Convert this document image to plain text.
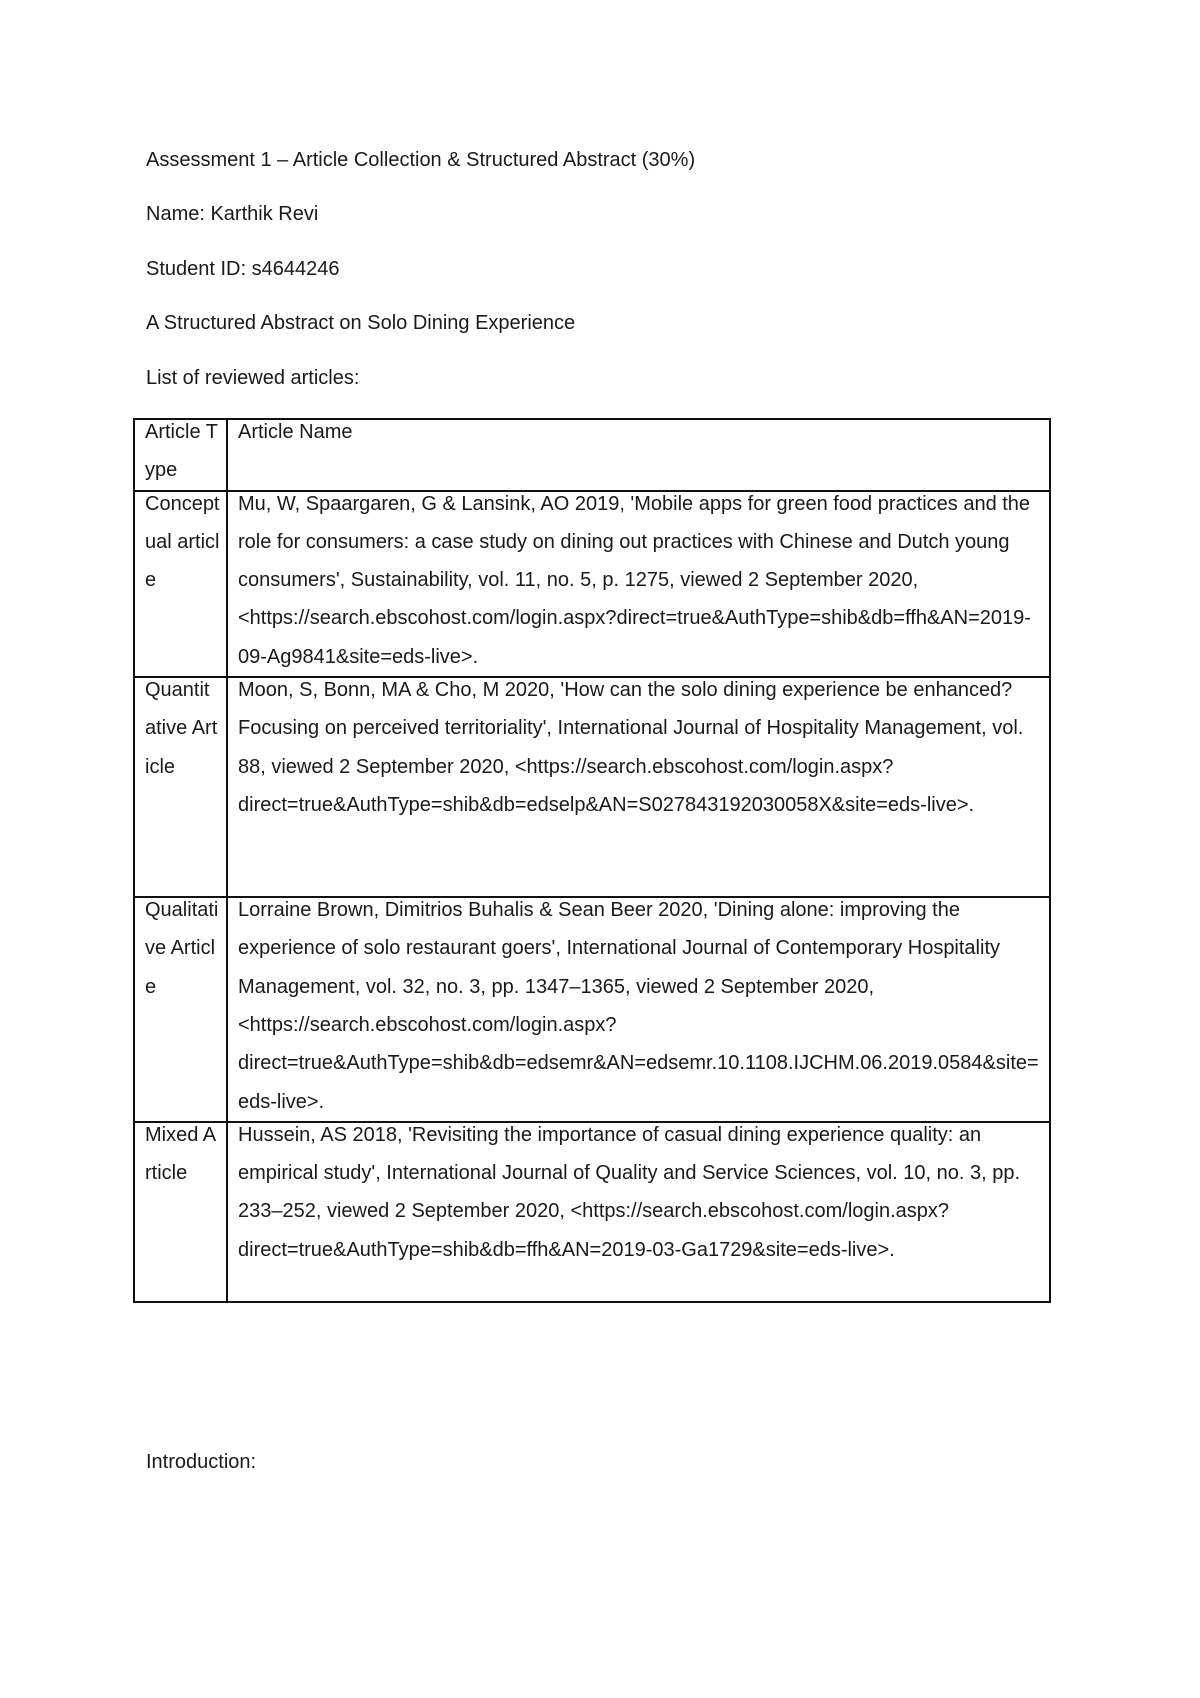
Assessment 1 – Article Collection & Structured Abstract (30%)
Name: Karthik Revi
Student ID: s4644246
A Structured Abstract on Solo Dining Experience
List of reviewed articles:
Article Type	Article Name

Conceptual article	Mu, W, Spaargaren, G & Lansink, AO 2019, 'Mobile apps for green food practices and the role for consumers: a case study on dining out practices with Chinese and Dutch young consumers', Sustainability, vol. 11, no. 5, p. 1275, viewed 2 September 2020, <https://search.ebscohost.com/login.aspx?direct=true&AuthType=shib&db=ffh&AN=2019-09-Ag9841&site=eds-live>.

Quantitative Article	Moon, S, Bonn, MA & Cho, M 2020, 'How can the solo dining experience be enhanced? Focusing on perceived territoriality', International Journal of Hospitality Management, vol. 88, viewed 2 September 2020, <https://search.ebscohost.com/login.aspx?direct=true&AuthType=shib&db=edselp&AN=S027843192030058X&site=eds-live>.

Qualitative Article	Lorraine Brown, Dimitrios Buhalis & Sean Beer 2020, 'Dining alone: improving the experience of solo restaurant goers', International Journal of Contemporary Hospitality Management, vol. 32, no. 3, pp. 1347–1365, viewed 2 September 2020, <https://search.ebscohost.com/login.aspx?direct=true&AuthType=shib&db=edsemr&AN=edsemr.10.1108.IJCHM.06.2019.0584&site=eds-live>.

Mixed Article	Hussein, AS 2018, 'Revisiting the importance of casual dining experience quality: an empirical study', International Journal of Quality and Service Sciences, vol. 10, no. 3, pp. 233–252, viewed 2 September 2020, <https://search.ebscohost.com/login.aspx?direct=true&AuthType=shib&db=ffh&AN=2019-03-Ga1729&site=eds-live>.
Introduction:
